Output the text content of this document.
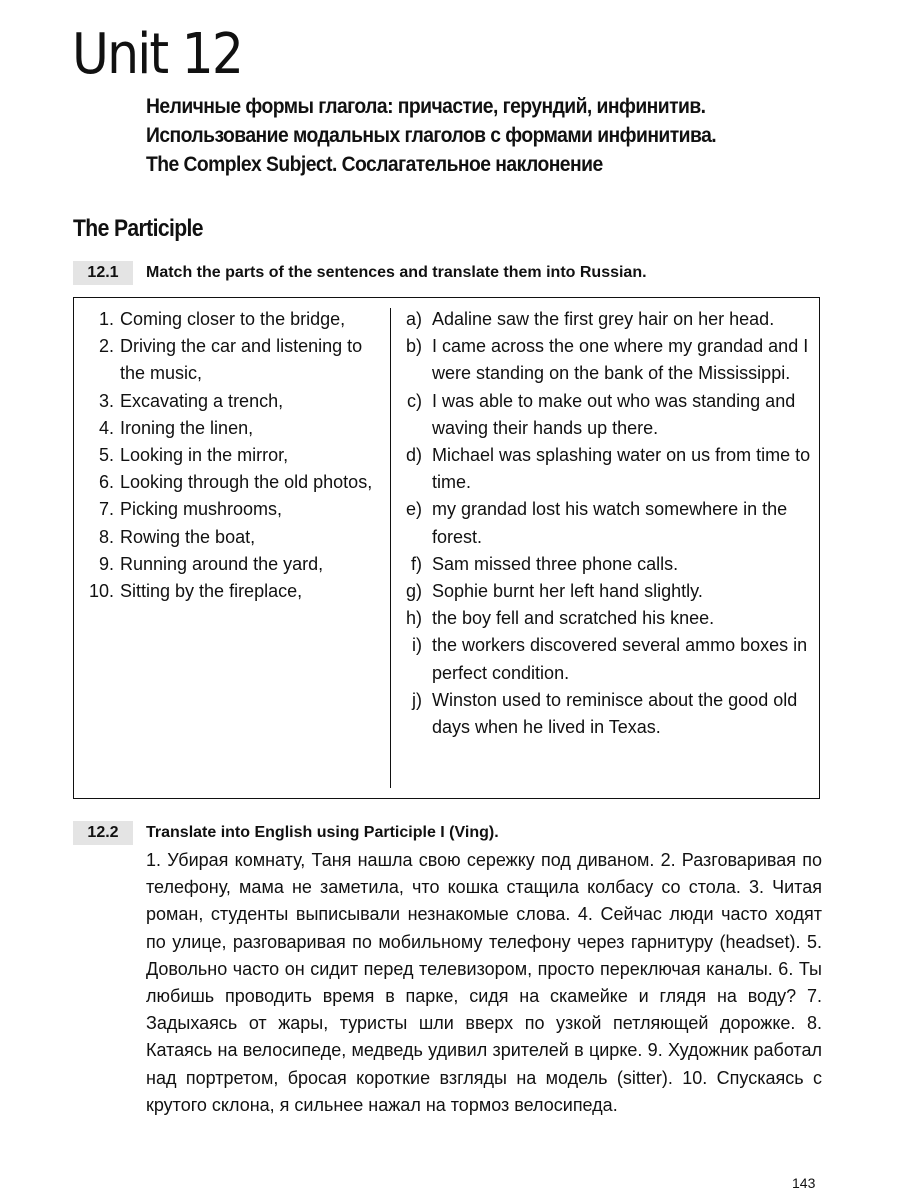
Unit 12
Неличные формы глагола: причастие, герундий, инфинитив.
Использование модальных глаголов с формами инфинитива.
The Complex Subject. Сослагательное наклонение
The Participle
12.1	Match the parts of the sentences and translate them into Russian.
1. Coming closer to the bridge,
2. Driving the car and listening to the music,
3. Excavating a trench,
4. Ironing the linen,
5. Looking in the mirror,
6. Looking through the old photos,
7. Picking mushrooms,
8. Rowing the boat,
9. Running around the yard,
10. Sitting by the fireplace,
a) Adaline saw the first grey hair on her head.
b) I came across the one where my grandad and I were standing on the bank of the Mississippi.
c) I was able to make out who was standing and waving their hands up there.
d) Michael was splashing water on us from time to time.
e) my grandad lost his watch somewhere in the forest.
f) Sam missed three phone calls.
g) Sophie burnt her left hand slightly.
h) the boy fell and scratched his knee.
i) the workers discovered several ammo boxes in perfect condition.
j) Winston used to reminisce about the good old days when he lived in Texas.
12.2	Translate into English using Participle I (Ving).

1. Убирая комнату, Таня нашла свою сережку под диваном. 2. Разговаривая по телефону, мама не заметила, что кошка стащила колбасу со стола. 3. Читая роман, студенты выписывали незнакомые слова. 4. Сейчас люди часто ходят по улице, разговаривая по мобильному телефону через гарнитуру (headset). 5. Довольно часто он сидит перед телевизором, просто переключая каналы. 6. Ты любишь проводить время в парке, сидя на скамейке и глядя на воду? 7. Задыхаясь от жары, туристы шли вверх по узкой петляющей дорожке. 8. Катаясь на велосипеде, медведь удивил зрителей в цирке. 9. Художник работал над портретом, бросая короткие взгляды на модель (sitter). 10. Спускаясь с крутого склона, я сильнее нажал на тормоз велосипеда.

143
